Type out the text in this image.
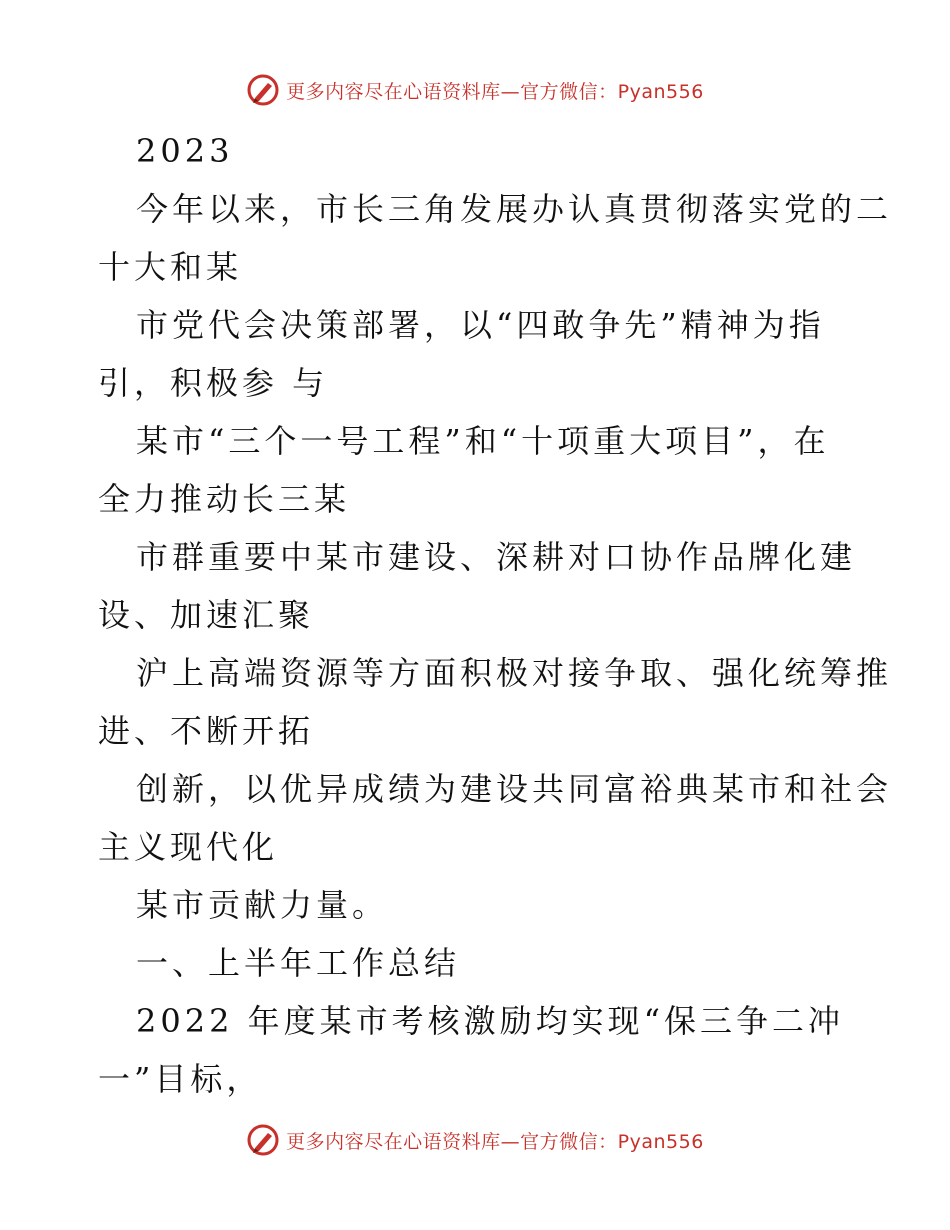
更多内容尽在心语资料库—官方微信：Pyan556
2023
今年以来，市长三角发展办认真贯彻落实党的二
十大和某
市党代会决策部署，以“四敢争先”精神为指
引，积极参 与
某市“三个一号工程”和“十项重大项目”，在
全力推动长三某
市群重要中某市建设、深耕对口协作品牌化建
设、加速汇聚
沪上高端资源等方面积极对接争取、强化统筹推
进、不断开拓
创新，以优异成绩为建设共同富裕典某市和社会
主义现代化
某市贡献力量。
一、上半年工作总结
2022 年度某市考核激励均实现“保三争二冲
一”目标，
更多内容尽在心语资料库—官方微信：Pyan556
